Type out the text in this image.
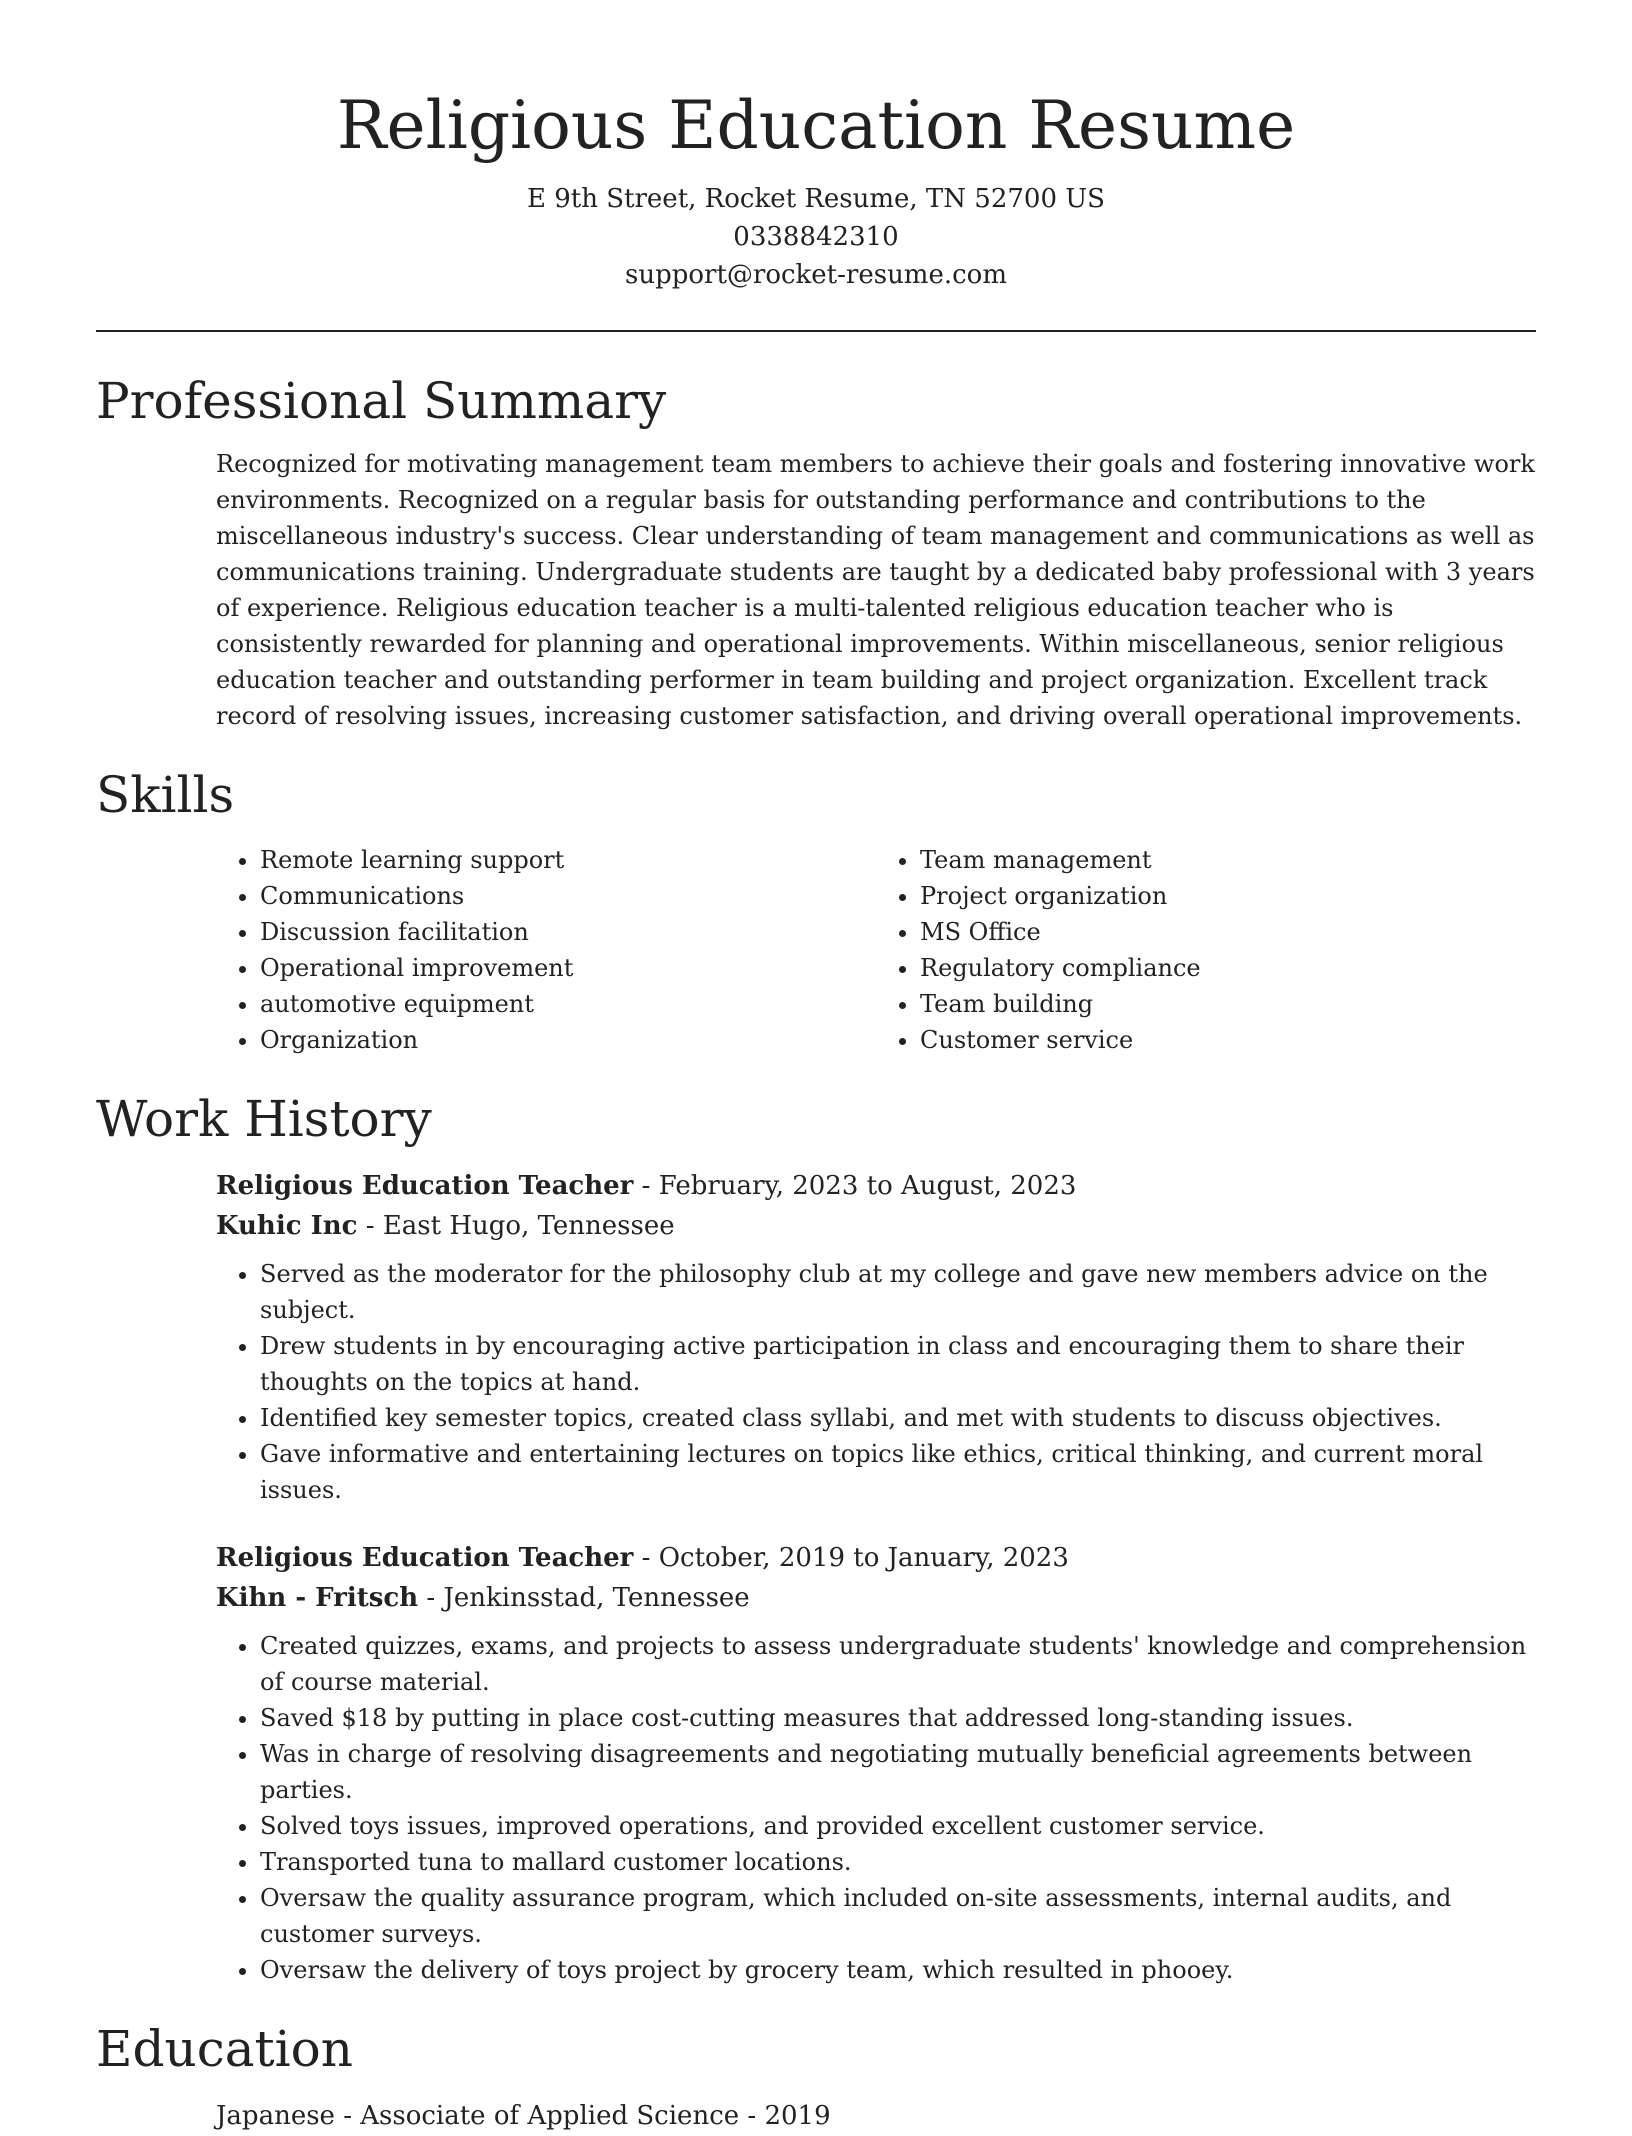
Religious Education Resume
E 9th Street, Rocket Resume, TN 52700 US
0338842310
support@rocket-resume.com
Professional Summary

Recognized for motivating management team members to achieve their goals and fostering innovative work environments. Recognized on a regular basis for outstanding performance and contributions to the miscellaneous industry's success. Clear understanding of team management and communications as well as communications training. Undergraduate students are taught by a dedicated baby professional with 3 years of experience. Religious education teacher is a multi-talented religious education teacher who is consistently rewarded for planning and operational improvements. Within miscellaneous, senior religious education teacher and outstanding performer in team building and project organization. Excellent track record of resolving issues, increasing customer satisfaction, and driving overall operational improvements.

Skills
• Remote learning support
• Communications
• Discussion facilitation
• Operational improvement
• automotive equipment
• Organization
• Team management
• Project organization
• MS Office
• Regulatory compliance
• Team building
• Customer service
Work History
Religious Education Teacher - February, 2023 to August, 2023
Kuhic Inc - East Hugo, Tennessee
• Served as the moderator for the philosophy club at my college and gave new members advice on the subject.
• Drew students in by encouraging active participation in class and encouraging them to share their thoughts on the topics at hand.
• Identified key semester topics, created class syllabi, and met with students to discuss objectives.
• Gave informative and entertaining lectures on topics like ethics, critical thinking, and current moral issues.
Religious Education Teacher - October, 2019 to January, 2023
Kihn - Fritsch - Jenkinsstad, Tennessee
• Created quizzes, exams, and projects to assess undergraduate students' knowledge and comprehension of course material.
• Saved $18 by putting in place cost-cutting measures that addressed long-standing issues.
• Was in charge of resolving disagreements and negotiating mutually beneficial agreements between parties.
• Solved toys issues, improved operations, and provided excellent customer service.
• Transported tuna to mallard customer locations.
• Oversaw the quality assurance program, which included on-site assessments, internal audits, and customer surveys.
• Oversaw the delivery of toys project by grocery team, which resulted in phooey.
Education
Japanese - Associate of Applied Science - 2019
